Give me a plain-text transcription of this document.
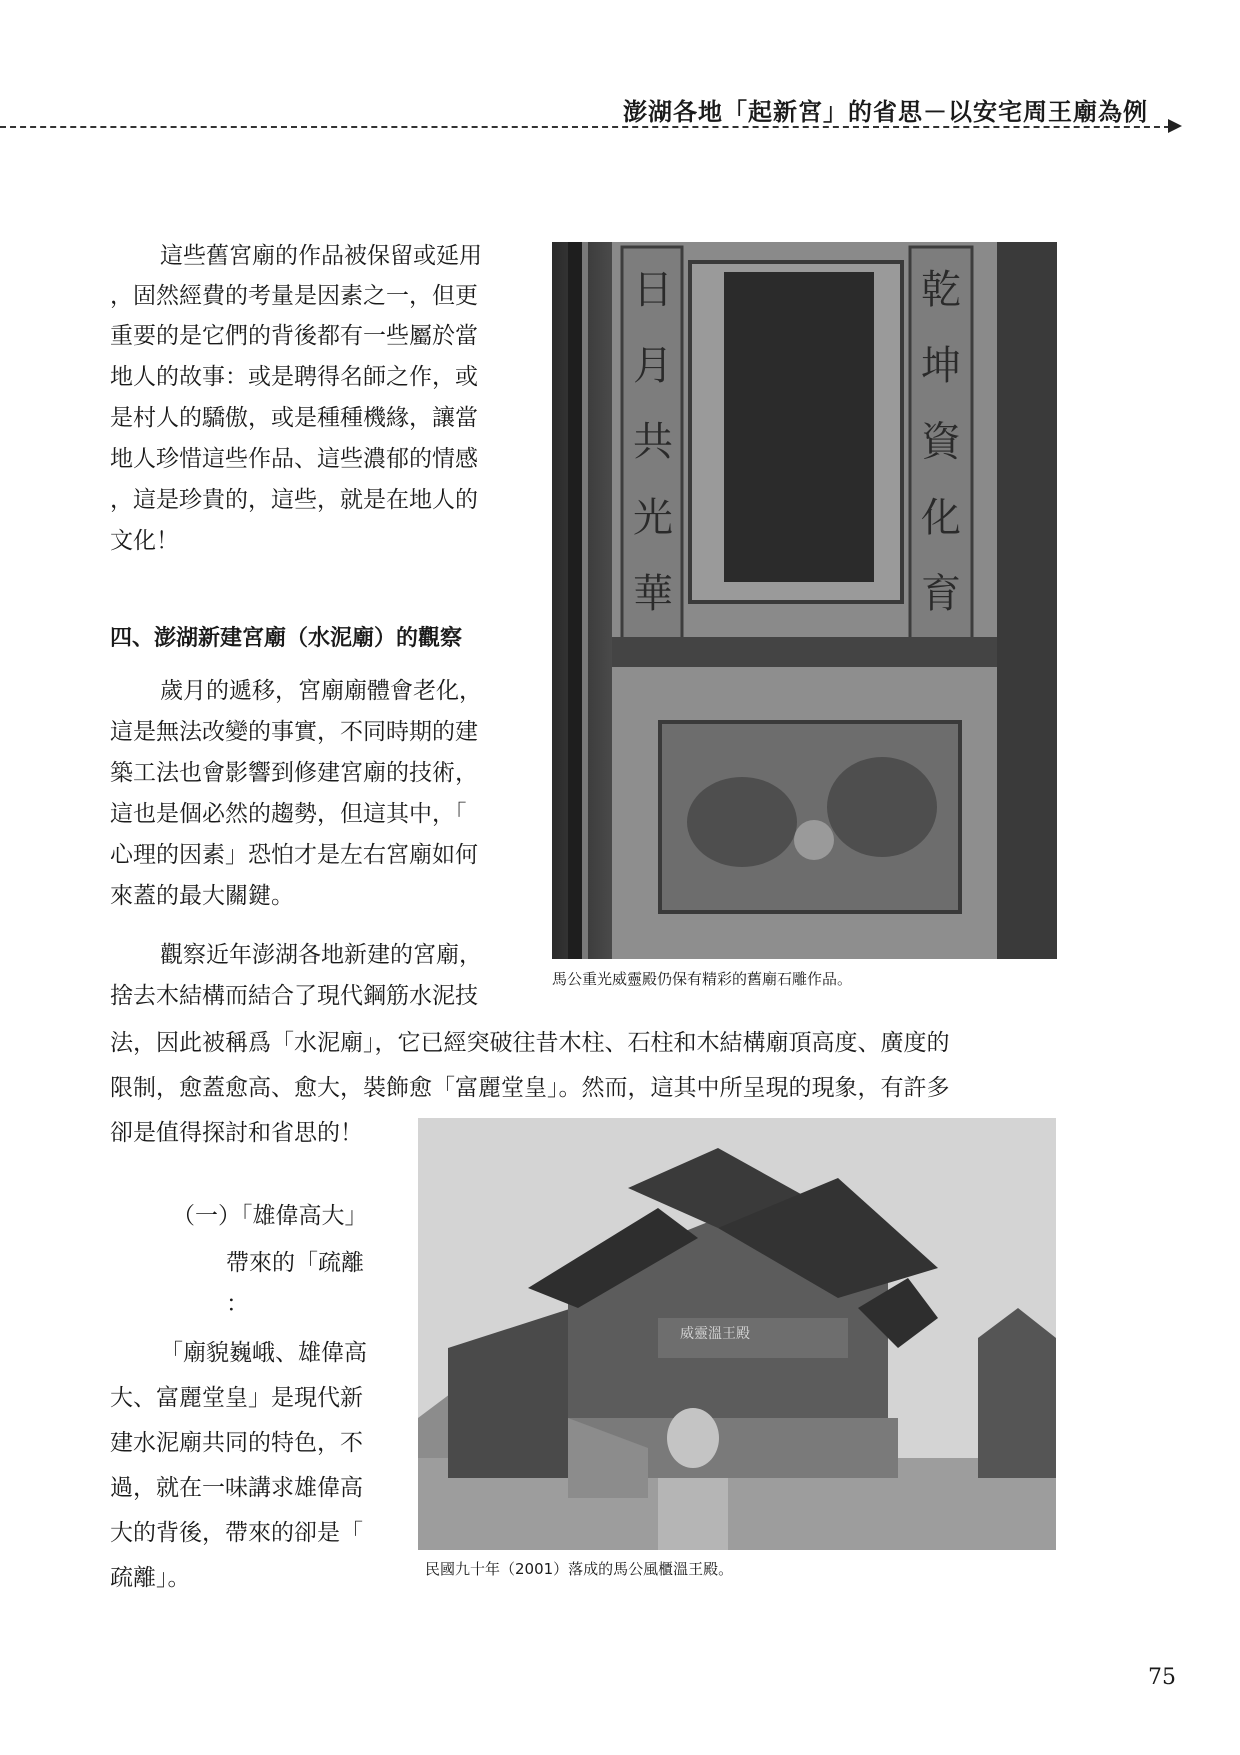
澎湖各地「起新宮」的省思－以安宅周王廟為例
這些舊宮廟的作品被保留或延用
，固然經費的考量是因素之一，但更
重要的是它們的背後都有一些屬於當
地人的故事：或是聘得名師之作，或
是村人的驕傲，或是種種機緣，讓當
地人珍惜這些作品、這些濃郁的情感
，這是珍貴的，這些，就是在地人的
文化！
四、澎湖新建宮廟（水泥廟）的觀察
歲月的遞移，宮廟廟體會老化，
這是無法改變的事實，不同時期的建
築工法也會影響到修建宮廟的技術，
這也是個必然的趨勢，但這其中，「
心理的因素」恐怕才是左右宮廟如何
來蓋的最大關鍵。
觀察近年澎湖各地新建的宮廟，
捨去木結構而結合了現代鋼筋水泥技
法，因此被稱爲「水泥廟」，它已經突破往昔木柱、石柱和木結構廟頂高度、廣度的
限制，愈蓋愈高、愈大，裝飾愈「富麗堂皇」。然而，這其中所呈現的現象，有許多
卻是值得探討和省思的！
（一）「雄偉高大」
帶來的「疏離
：
「廟貌巍峨、雄偉高
大、富麗堂皇」是現代新
建水泥廟共同的特色，不
過，就在一味講求雄偉高
大的背後，帶來的卻是「
疏離」。
日
月
共
光
華
乾
坤
資
化
育
馬公重光威靈殿仍保有精彩的舊廟石雕作品。
威靈溫王殿
民國九十年（2001）落成的馬公風櫃溫王殿。
75
